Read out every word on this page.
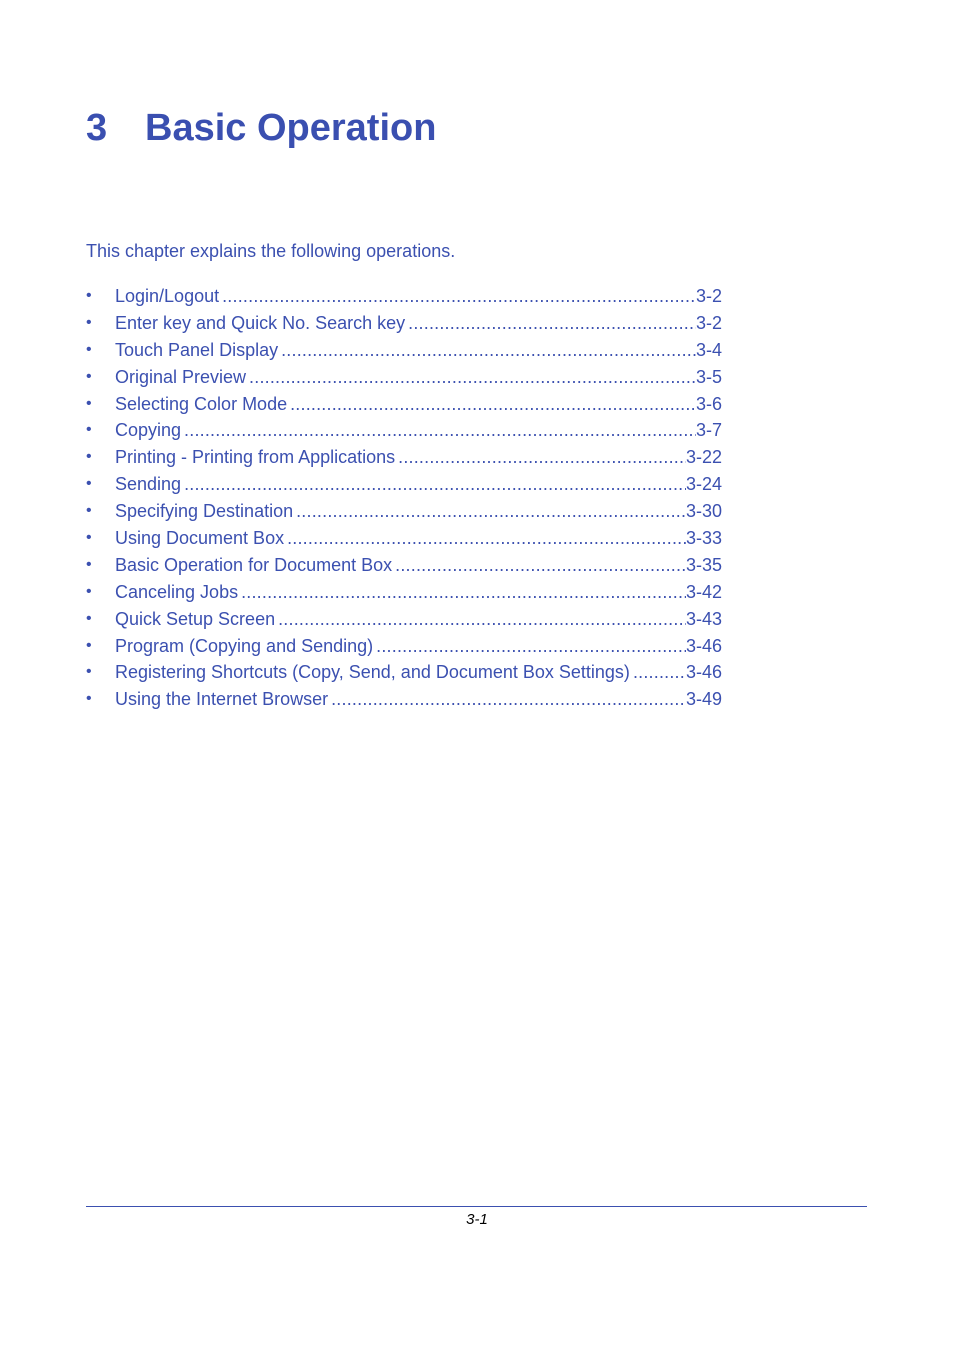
3 Basic Operation

This chapter explains the following operations.

•	Login/Logout .....	3-2
•	Enter key and Quick No. Search key .....	3-2
•	Touch Panel Display .....	3-4
•	Original Preview .....	3-5
•	Selecting Color Mode .....	3-6
•	Copying .....	3-7
•	Printing - Printing from Applications .....	3-22
•	Sending .....	3-24
•	Specifying Destination .....	3-30
•	Using Document Box .....	3-33
•	Basic Operation for Document Box .....	3-35
•	Canceling Jobs .....	3-42
•	Quick Setup Screen .....	3-43
•	Program (Copying and Sending) .....	3-46
•	Registering Shortcuts (Copy, Send, and Document Box Settings) .....	3-46
•	Using the Internet Browser .....	3-49
3-1
